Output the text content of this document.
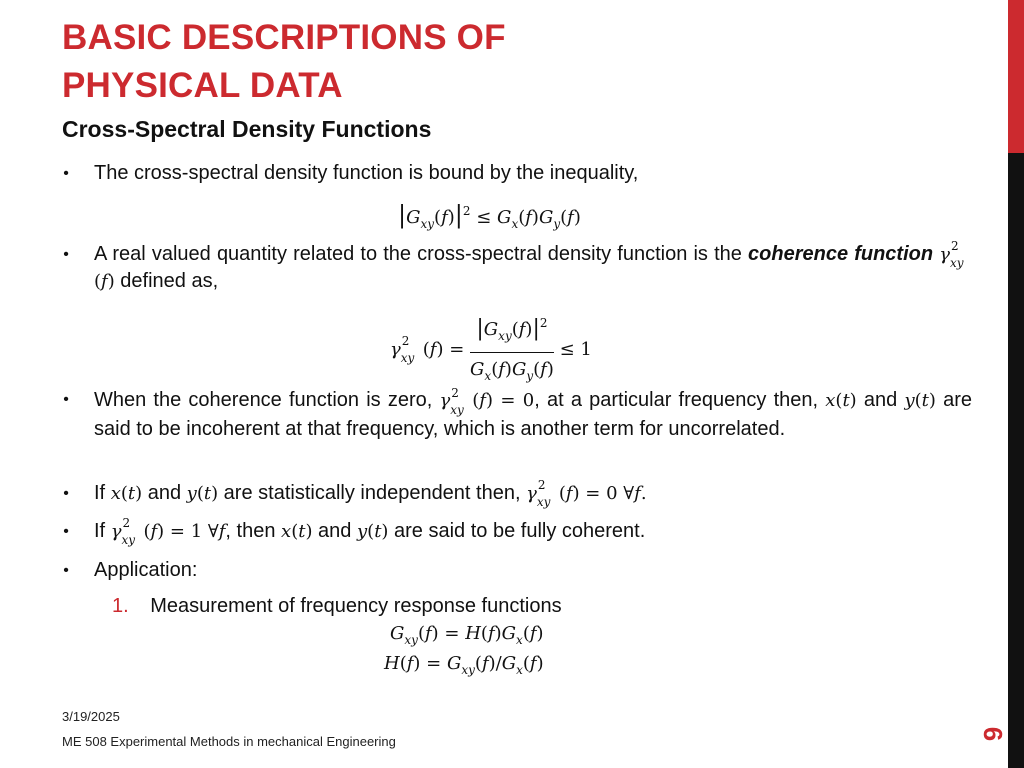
BASIC DESCRIPTIONS OF
PHYSICAL DATA
Cross-Spectral Density Functions
•	The cross-spectral density function is bound by the inequality,
$|G_{xy}(f)|^2 \le G_x(f)G_y(f)$
•	A real valued quantity related to the cross-spectral density function is the coherence function γ 2
xy
(f) defined as,
γ 2
xy $(f) = \frac{|G_{xy}(f)|^2}{G_x(f)G_y(f)} \le 1$
•	When the coherence function is zero, γ 2
xy (f) = 0, at a particular frequency then, x(t) and y(t) are said to be incoherent at that frequency, which is another term for uncorrelated.
•	If x(t) and y(t) are statistically independent then, γ 2
xy (f) = 0 ∀f.
•	If γ 2
xy (f) = 1 ∀f, then x(t) and y(t) are said to be fully coherent.
•	Application:
1. Measurement of frequency response functions
$G_{xy}(f) = H(f)G_x(f)$
$H(f) = G_{xy}(f)/G_x(f)$
3/19/2025
ME 508 Experimental Methods in mechanical Engineering	6
